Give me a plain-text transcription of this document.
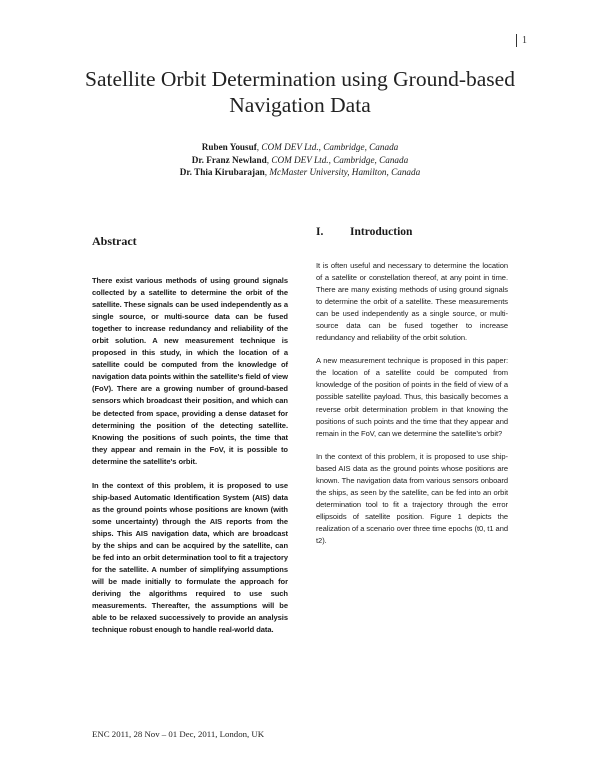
1
Satellite Orbit Determination using Ground-based Navigation Data
Ruben Yousuf, COM DEV Ltd., Cambridge, Canada
Dr. Franz Newland, COM DEV Ltd., Cambridge, Canada
Dr. Thia Kirubarajan, McMaster University, Hamilton, Canada
Abstract

There exist various methods of using ground signals collected by a satellite to determine the orbit of the satellite. These signals can be used independently as a single source, or multi-source data can be fused together to increase redundancy and reliability of the orbit solution. A new measurement technique is proposed in this study, in which the location of a satellite could be computed from the knowledge of navigation data points within the satellite's field of view (FoV). There are a growing number of ground-based sensors which broadcast their position, and which can be detected from space, providing a dense dataset for determining the position of the detecting satellite. Knowing the positions of such points, the time that they appear and remain in the FoV, it is possible to determine the satellite's orbit.

In the context of this problem, it is proposed to use ship-based Automatic Identification System (AIS) data as the ground points whose positions are known (with some uncertainty) through the AIS reports from the ships. This AIS navigation data, which are broadcast by the ships and can be acquired by the satellite, can be fed into an orbit determination tool to fit a trajectory for the satellite. A number of simplifying assumptions will be made initially to formulate the approach for deriving the algorithms required to use such measurements. Thereafter, the assumptions will be able to be relaxed successively to provide an analysis technique robust enough to handle real-world data.

I. Introduction

It is often useful and necessary to determine the location of a satellite or constellation thereof, at any point in time. There are many existing methods of using ground signals to determine the orbit of a satellite. These measurements can be used independently as a single source, or multi-source data can be fused together to increase redundancy and reliability of the orbit solution.

A new measurement technique is proposed in this paper: the location of a satellite could be computed from knowledge of the position of points in the field of view of a possible satellite payload. Thus, this basically becomes a reverse orbit determination problem in that knowing the positions of such points and the time that they appear and remain in the FoV, can we determine the satellite's orbit?

In the context of this problem, it is proposed to use ship-based AIS data as the ground points whose positions are known. The navigation data from various sensors onboard the ships, as seen by the satellite, can be fed into an orbit determination tool to fit a trajectory through the error ellipsoids of satellite position. Figure 1 depicts the realization of a scenario over three time epochs (t0, t1 and t2).

ENC 2011, 28 Nov – 01 Dec, 2011, London, UK
